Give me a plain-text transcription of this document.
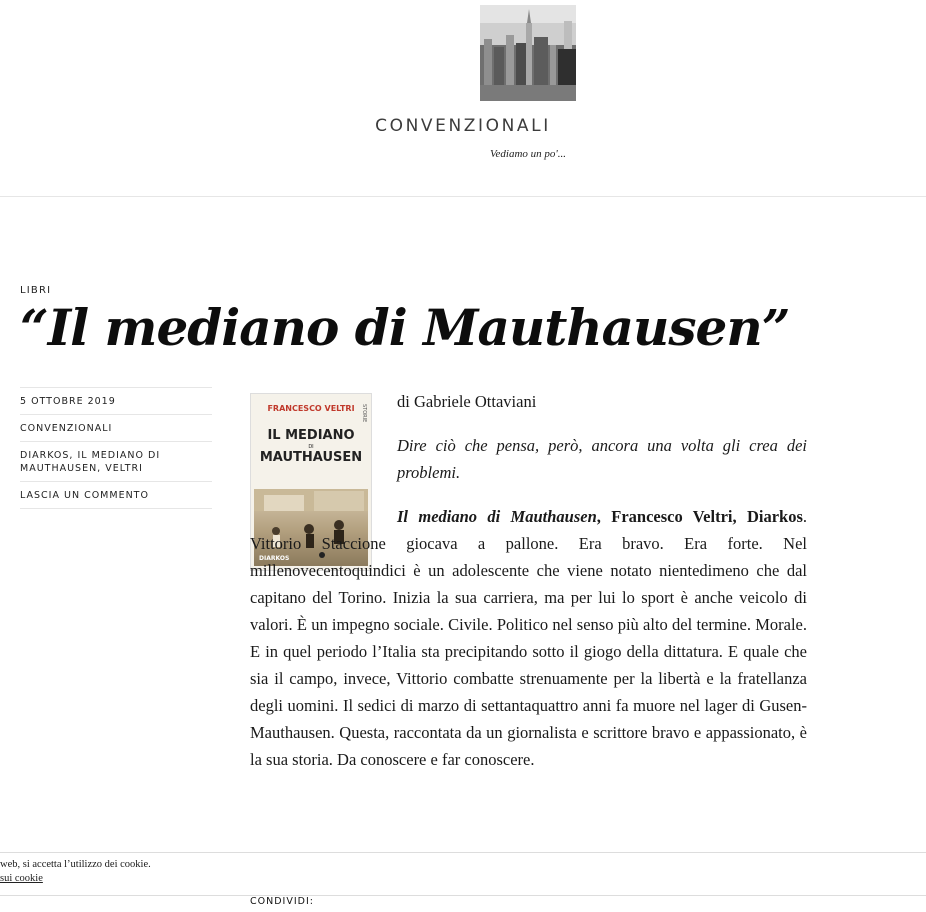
CONVENZIONALI
Vediamo un po'...
LIBRI
“Il mediano di Mauthausen”
5 OTTOBRE 2019
CONVENZIONALI
DIARKOS, IL MEDIANO DI MAUTHAUSEN, VELTRI
LASCIA UN COMMENTO
STORIE
FRANCESCO VELTRI
IL MEDIANO
DI
MAUTHAUSEN
DIARKOS

di Gabriele Ottaviani

Dire ciò che pensa, però, ancora una volta gli crea dei problemi.

Il mediano di Mauthausen, Francesco Veltri, Diarkos. Vittorio Staccione giocava a pallone. Era bravo. Era forte. Nel millenovecentoquindici è un adolescente che viene notato nientedimeno che dal capitano del Torino. Inizia la sua carriera, ma per lui lo sport è anche veicolo di valori. È un impegno sociale. Civile. Politico nel senso più alto del termine. Morale. E in quel periodo l’Italia sta precipitando sotto il giogo della dittatura. E quale che sia il campo, invece, Vittorio combatte strenuamente per la libertà e la fratellanza degli uomini. Il sedici di marzo di settantaquattro anni fa muore nel lager di Gusen-Mauthausen. Questa, raccontata da un giornalista e scrittore bravo e appassionato, è la sua storia. Da conoscere e far conoscere.

web, si accetta l’utilizzo dei cookie.
sui cookie
CONDIVIDI:
